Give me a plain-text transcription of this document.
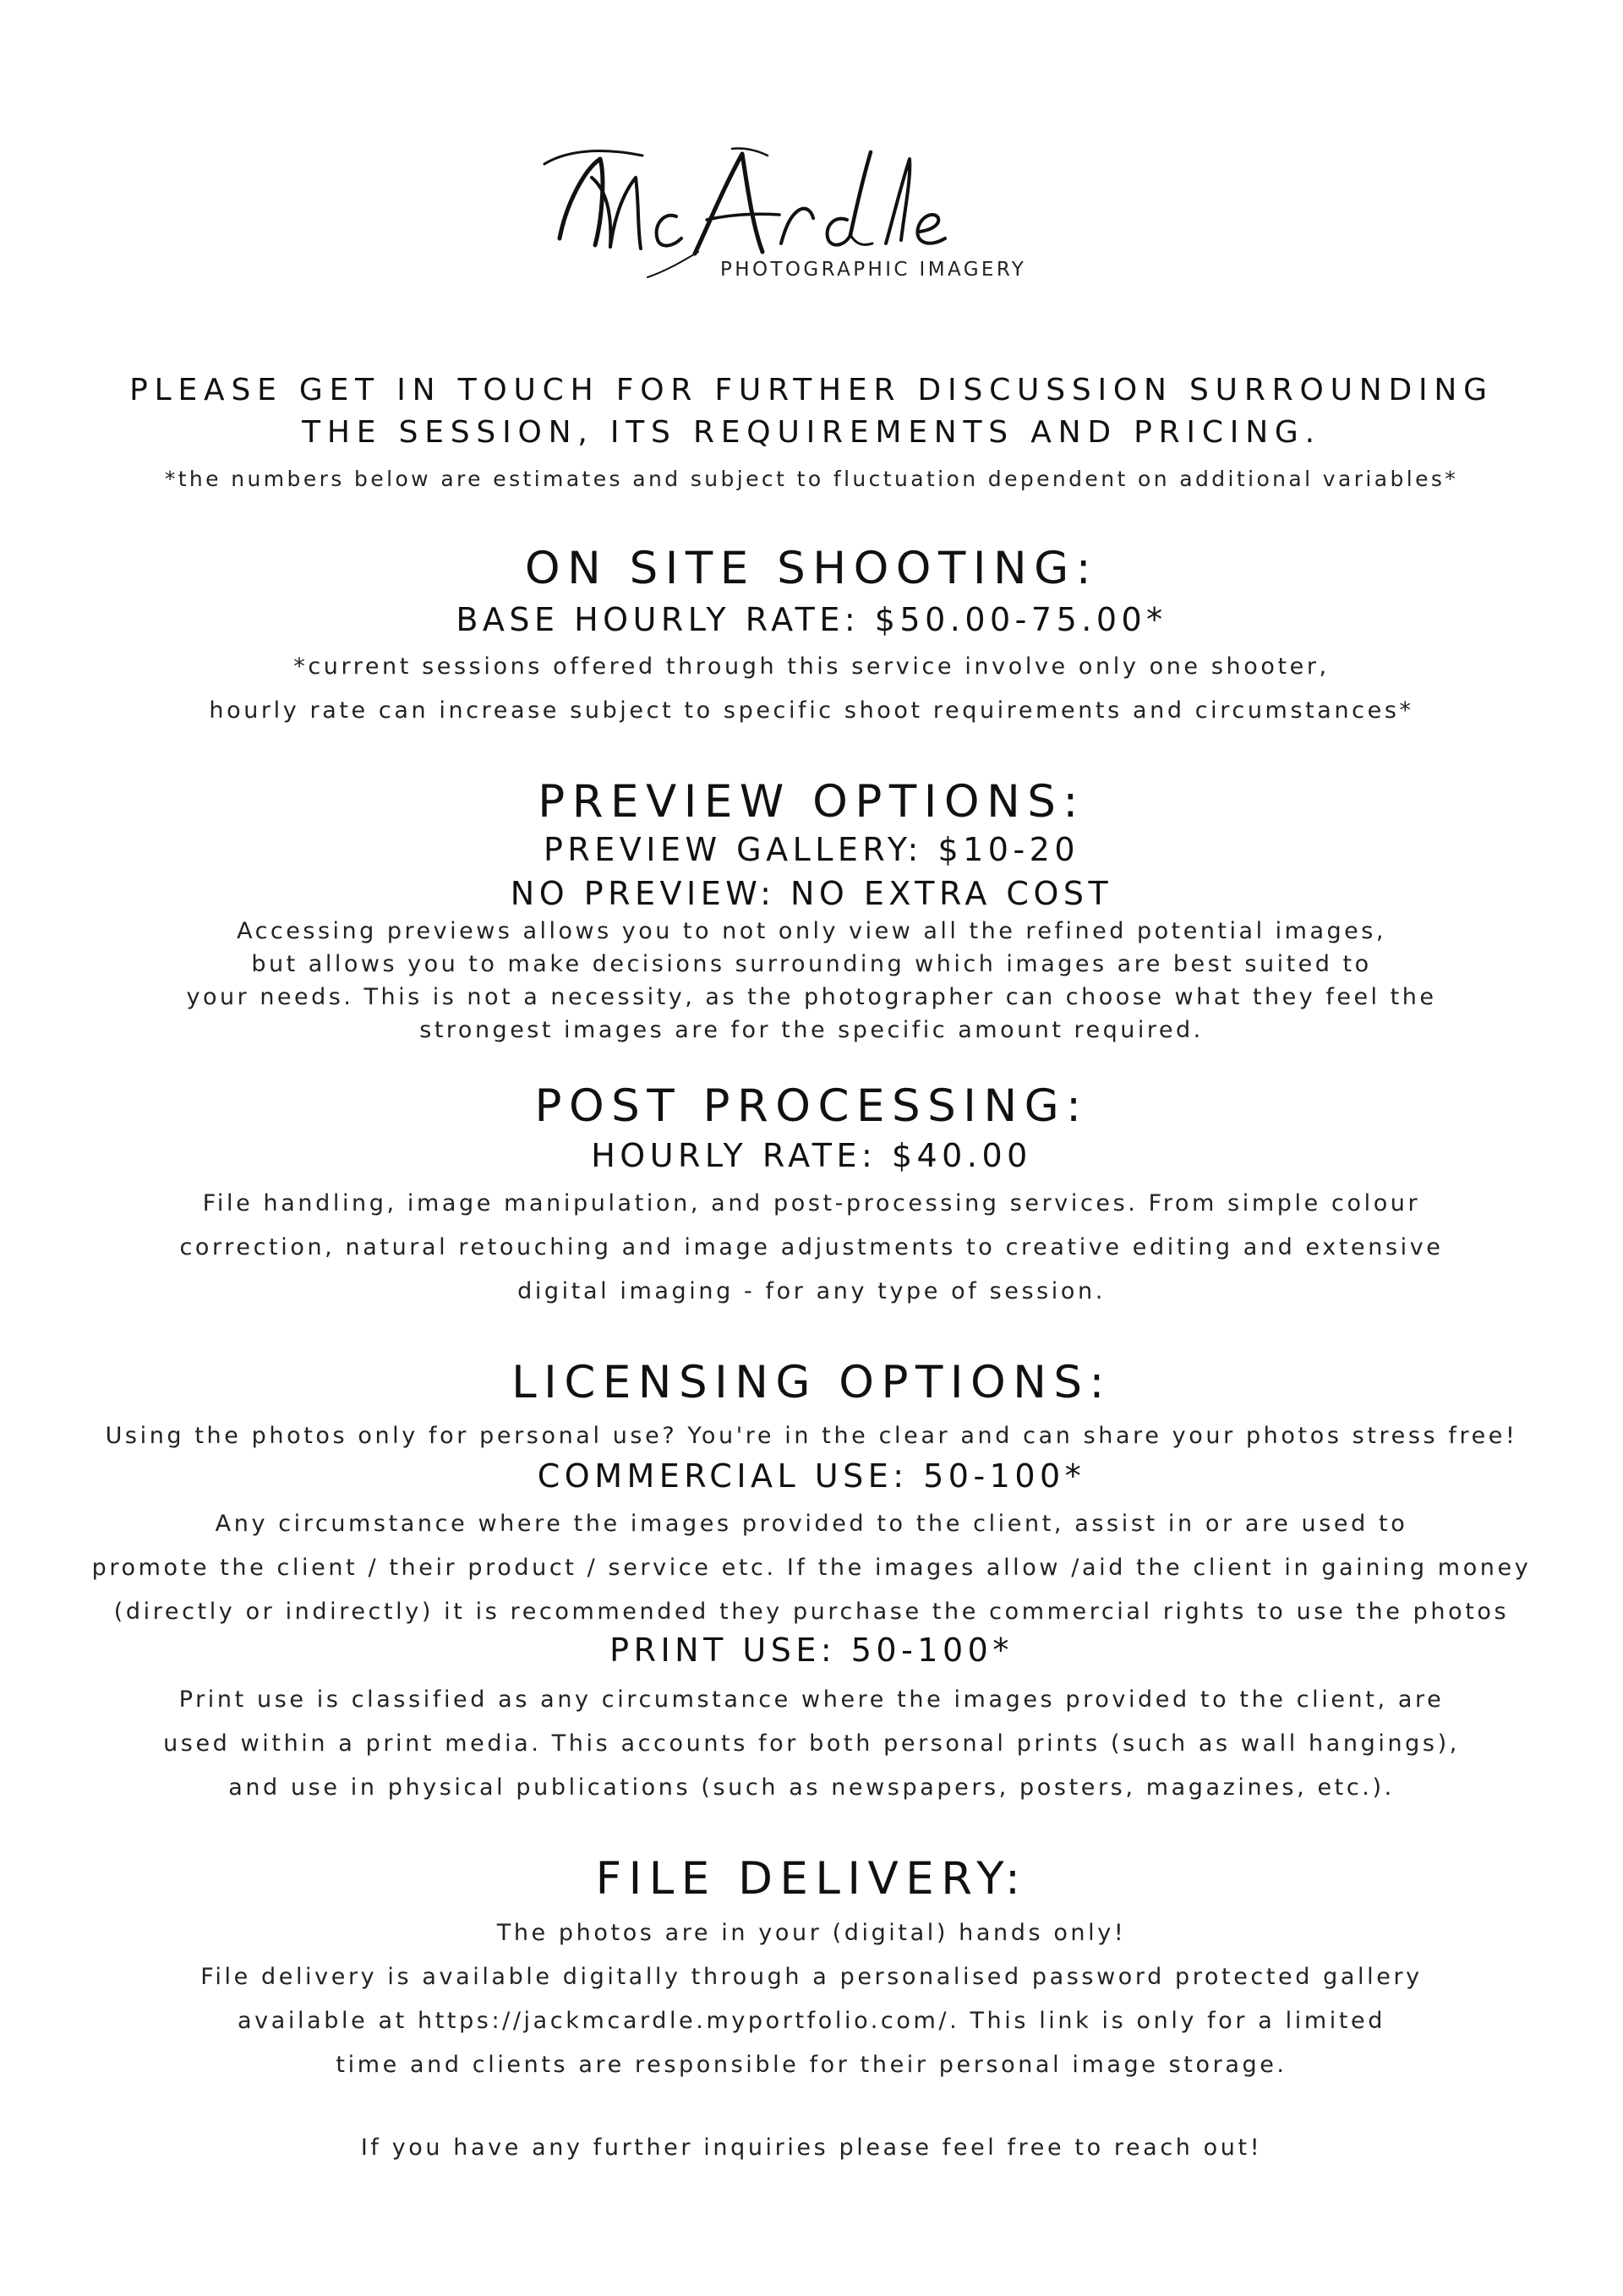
PHOTOGRAPHIC IMAGERY
PLEASE GET IN TOUCH FOR FURTHER DISCUSSION SURROUNDING
THE SESSION, ITS REQUIREMENTS AND PRICING.
*the numbers below are estimates and subject to fluctuation dependent on additional variables*
ON SITE SHOOTING:
BASE HOURLY RATE: $50.00-75.00*
*current sessions offered through this service involve only one shooter,
hourly rate can increase subject to specific shoot requirements and circumstances*
PREVIEW OPTIONS:
PREVIEW GALLERY: $10-20
NO PREVIEW: NO EXTRA COST
Accessing previews allows you to not only view all the refined potential images,
but allows you to make decisions surrounding which images are best suited to
your needs. This is not a necessity, as the photographer can choose what they feel the
strongest images are for the specific amount required.
POST PROCESSING:
HOURLY RATE: $40.00
File handling, image manipulation, and post-processing services. From simple colour
correction, natural retouching and image adjustments to creative editing and extensive
digital imaging - for any type of session.
LICENSING OPTIONS:
Using the photos only for personal use? You're in the clear and can share your photos stress free!
COMMERCIAL USE: 50-100*
Any circumstance where the images provided to the client, assist in or are used to
promote the client / their product / service etc. If the images allow /aid the client in gaining money
(directly or indirectly) it is recommended they purchase the commercial rights to use the photos
PRINT USE: 50-100*
Print use is classified as any circumstance where the images provided to the client, are
used within a print media. This accounts for both personal prints (such as wall hangings),
and use in physical publications (such as newspapers, posters, magazines, etc.).
FILE DELIVERY:
The photos are in your (digital) hands only!
File delivery is available digitally through a personalised password protected gallery
available at https://jackmcardle.myportfolio.com/. This link is only for a limited
time and clients are responsible for their personal image storage.
If you have any further inquiries please feel free to reach out!
